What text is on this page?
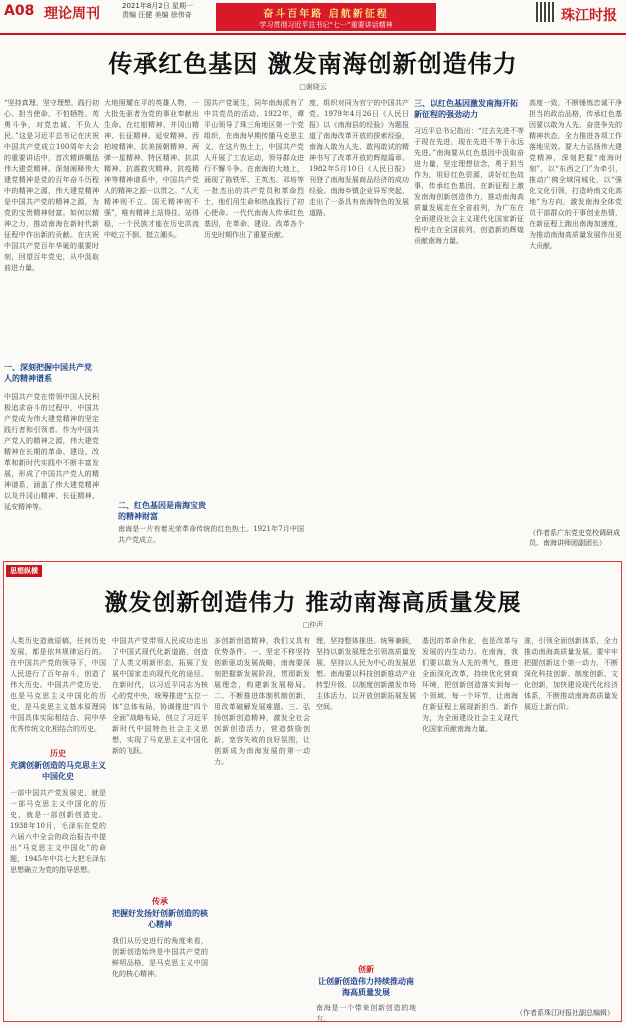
A08 理论周刊	2021年8月2日 星期一
责编 汪健 美编 徐伟奇	奋斗百年路 启航新征程
学习贯彻习近平总书记“七一”重要讲话精神
珠江时报
传承红色基因 激发南海创新创造伟力
□谢晓云
“坚持真理、坚守理想，践行初心、担当使命，不怕牺牲、英勇斗争，对党忠诚、不负人民。”这是习近平总书记在庆祝中国共产党成立100周年大会的重要讲话中，首次精辟概括伟大建党精神。深刻阐释伟大建党精神是党的百年奋斗历程中的精神之源，伟大建党精神是中国共产党的精神之源，为党的宝贵精神财富。如何以精神之力，推动南海在新时代新征程中作出新的贡献。在庆祝中国共产党百年华诞的重要时刻，回望百年党史，从中汲取前进力量。
一、深刻把握中国共产党人的精神谱系
中国共产党在带领中国人民积极追求奋斗的过程中，中国共产党成为伟大建党精神的坚定践行者和引领者。作为中国共产党人的精神之源，伟大建党精神在长期的革命、建设、改革和新时代实践中不断丰富发展，形成了中国共产党人的精神谱系，涵盖了伟大建党精神以及井冈山精神、长征精神、延安精神等。
大地照耀在平的英雄人物，一大批先驱者为党的事业奉献出生命。在红船精神、井冈山精神、长征精神、延安精神、西柏坡精神、抗美援朝精神、两弹一星精神、特区精神、抗洪精神、抗震救灾精神、抗疫精神等精神谱系中，中国共产党人的精神之源一以贯之。“人无精神则不立，国无精神则不强”，唯有精神上站得住、站得稳，一个民族才能在历史洪流中屹立不倒、挺立潮头。
国共产党诞生，同年南海派有了中共党员的活动，1922年，谭平山领导了珠三角地区第一个党组织，在南海早期传播马克思主义，在这片热土上，中国共产党人开展了工农运动，领导群众进行不懈斗争。在南海的大地上，涌现了陈铁军、王英杰、邓培等一批杰出的共产党员和革命烈士，他们用生命和热血践行了初心使命。一代代南海人传承红色基因，在革命、建设、改革各个历史时期作出了重要贡献。
二、红色基因是南海宝贵的精神财富
南海是一片有着光荣革命传统的红色热土。1921年7月中国共产党成立。
度，组织对同为官宁的中国共产党。1979年4月26日《人民日报》以《南海县的经验》为题报道了南海改革开放的探索经验，南海人敢为人先、敢闯敢试的精神书写了改革开放的辉煌篇章。1982年5月10日《人民日报》刊登了南海发展商品经济的成功经验。南海乡镇企业异军突起，走出了一条具有南海特色的发展道路。
三、以红色基因激发南海开拓新征程的强劲动力
习近平总书记指出：“过去先进不等于现在先进，现在先进不等于永远先进。”南海要从红色基因中汲取奋进力量，坚定理想信念，勇于担当作为，用好红色资源，讲好红色故事，传承红色基因，在新征程上激发南海创新创造伟力，推动南海高质量发展走在全省前列，为广东在全面建设社会主义现代化国家新征程中走在全国前列、创造新的辉煌贡献南海力量。
高度一致，不断锤炼忠诚干净担当的政治品格，传承红色基因要以敢为人先、奋进争先的精神状态，全力推进各项工作落地见效。要大力弘扬伟大建党精神，深刻把握“南海时刻”，以“东西之门”为牵引，推动广佛全域同城化，以“强化文化引领，打造岭南文化高地”为方向，激发南海全体党员干部群众的干事创业热情，在新征程上跑出南海加速度，为推动南海高质量发展作出更大贡献。
（作者系广东党史党校调研成员、南海讲师团副团长）
思想纵横
激发创新创造伟力 推动南海高质量发展
□仲声
人类历史造就原稿，任何历史发展，都是依其规律运行的。在中国共产党的领导下，中国人民进行了百年奋斗，创造了伟大历史。中国共产党历史，也是马克思主义中国化的历史，是马克思主义基本原理同中国具体实际相结合、同中华优秀传统文化相结合的历史。
历史
充满创新创造的马克思主义中国化史
一部中国共产党发展史，就是一部马克思主义中国化的历史，就是一部创新创造史。1938年10月，毛泽东在党的六届六中全会的政治报告中提出“马克思主义中国化”的命题，1945年中共七大把毛泽东思想确立为党的指导思想。
中国共产党带领人民成功走出了中国式现代化新道路，创造了人类文明新形态，拓展了发展中国家走向现代化的途径。在新时代，以习近平同志为核心的党中央，统筹推进“五位一体”总体布局，协调推进“四个全面”战略布局，创立了习近平新时代中国特色社会主义思想，实现了马克思主义中国化新的飞跃。
传承
把握好发扬好创新创造的核心精神
我们从历史进行的角度来看，创新创造始终是中国共产党的鲜明品格，是马克思主义中国化的核心精神。
多创新创造精神，我们又具有优势条件。一、坚定不移坚持创新驱动发展战略，南海要深刻把握新发展阶段，贯彻新发展理念，构建新发展格局。二、不断推进体制机制创新，用改革破解发展难题。三、弘扬创新创造精神，激发全社会创新创造活力，营造鼓励创新、宽容失败的良好氛围，让创新成为南海发展的第一动力。
理，坚持整体推进、统筹兼顾，坚持以新发展理念引领高质量发展，坚持以人民为中心的发展思想。南海要以科技创新推动产业转型升级，以制度创新激发市场主体活力，以开放创新拓展发展空间。
创新
让创新创造伟力持续推动南海高质量发展
南海是一个带来创新创造的地方。
基因的革命伟业，也是改革与发展的内生动力。在南海，我们要以敢为人先的勇气，推进全面深化改革，持续优化营商环境，把创新创造落实到每一个领域、每一个环节，让南海在新征程上展现新担当、新作为，为全面建设社会主义现代化国家贡献南海力量。
准，引领全面创新体系，全力推动南海高质量发展。要牢牢把握创新这个第一动力，不断深化科技创新、制度创新、文化创新，加快建设现代化经济体系，不断推动南海高质量发展迈上新台阶。
（作者系珠江时报社副总编辑）
